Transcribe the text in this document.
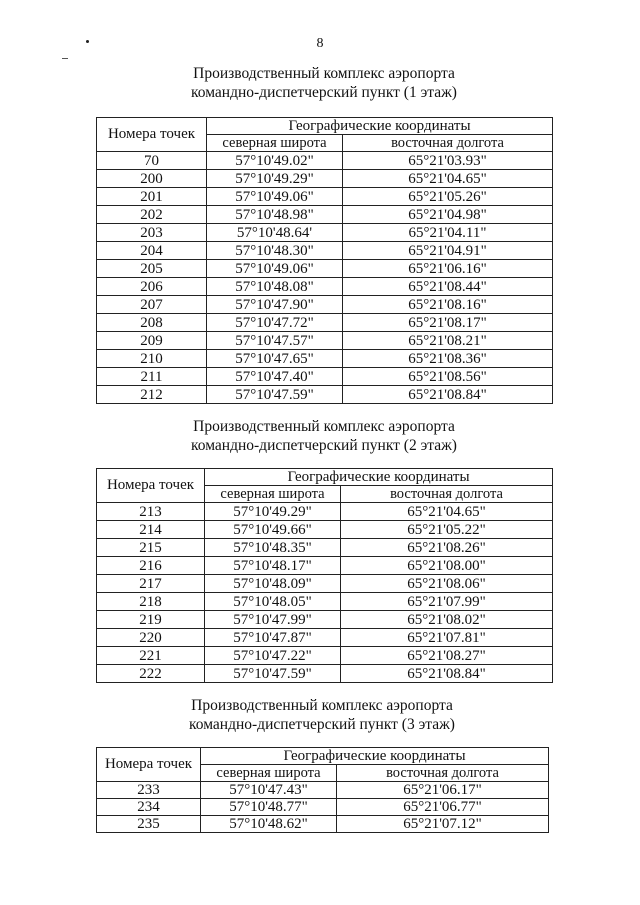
8
Производственный комплекс аэропорта
командно-диспетчерский пункт (1 этаж)
Номера точек	Географические координаты	
	северная широта	восточная долгота
70	57°10'49.02"	65°21'03.93"
200	57°10'49.29"	65°21'04.65"
201	57°10'49.06"	65°21'05.26"
202	57°10'48.98"	65°21'04.98"
203	57°10'48.64'	65°21'04.11"
204	57°10'48.30"	65°21'04.91"
205	57°10'49.06"	65°21'06.16"
206	57°10'48.08"	65°21'08.44"
207	57°10'47.90"	65°21'08.16"
208	57°10'47.72"	65°21'08.17"
209	57°10'47.57"	65°21'08.21"
210	57°10'47.65"	65°21'08.36"
211	57°10'47.40"	65°21'08.56"
212	57°10'47.59"	65°21'08.84"
Производственный комплекс аэропорта
командно-диспетчерский пункт (2 этаж)
Номера точек	Географические координаты	
	северная широта	восточная долгота
213	57°10'49.29"	65°21'04.65"
214	57°10'49.66"	65°21'05.22"
215	57°10'48.35"	65°21'08.26"
216	57°10'48.17"	65°21'08.00"
217	57°10'48.09"	65°21'08.06"
218	57°10'48.05"	65°21'07.99"
219	57°10'47.99"	65°21'08.02"
220	57°10'47.87"	65°21'07.81"
221	57°10'47.22"	65°21'08.27"
222	57°10'47.59"	65°21'08.84"
Производственный комплекс аэропорта
командно-диспетчерский пункт (3 этаж)
Номера точек	Географические координаты	
	северная широта	восточная долгота
233	57°10'47.43"	65°21'06.17"
234	57°10'48.77"	65°21'06.77"
235	57°10'48.62"	65°21'07.12"
